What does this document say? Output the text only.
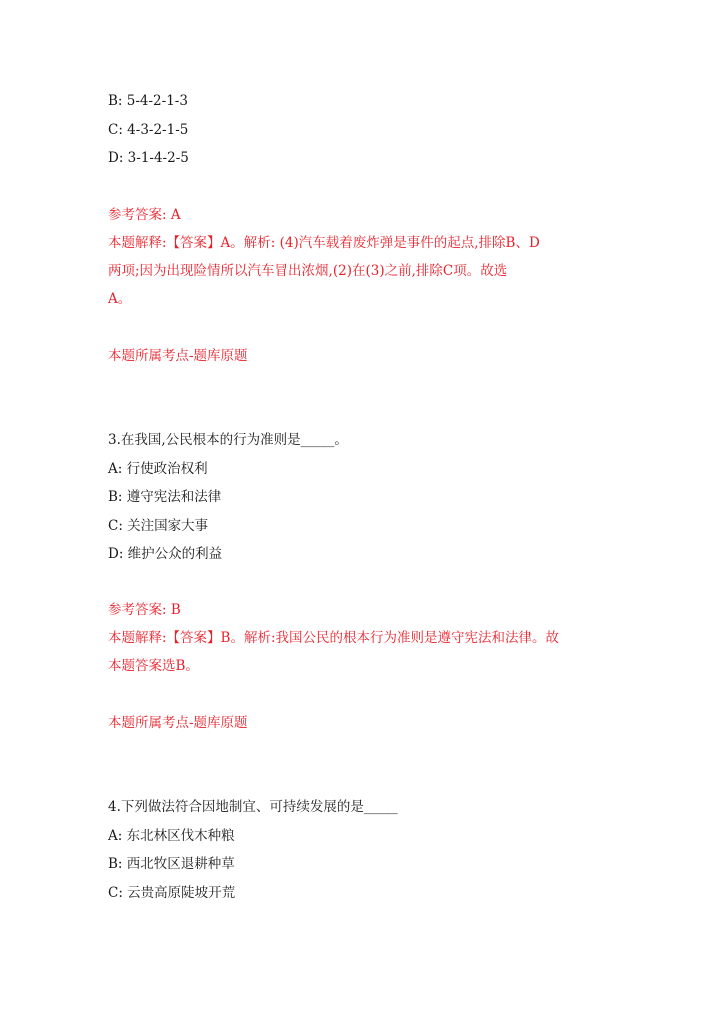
B: 5-4-2-1-3
C: 4-3-2-1-5
D: 3-1-4-2-5
参考答案: A
本题解释:【答案】A。解析: (4)汽车载着废炸弹是事件的起点,排除B、D
两项;因为出现险情所以汽车冒出浓烟,(2)在(3)之前,排除C项。故选
A。
本题所属考点-题库原题
3.在我国,公民根本的行为准则是_____。
A: 行使政治权利
B: 遵守宪法和法律
C: 关注国家大事
D: 维护公众的利益
参考答案: B
本题解释:【答案】B。解析:我国公民的根本行为准则是遵守宪法和法律。故
本题答案选B。
本题所属考点-题库原题
4.下列做法符合因地制宜、可持续发展的是_____
A: 东北林区伐木种粮
B: 西北牧区退耕种草
C: 云贵高原陡坡开荒
